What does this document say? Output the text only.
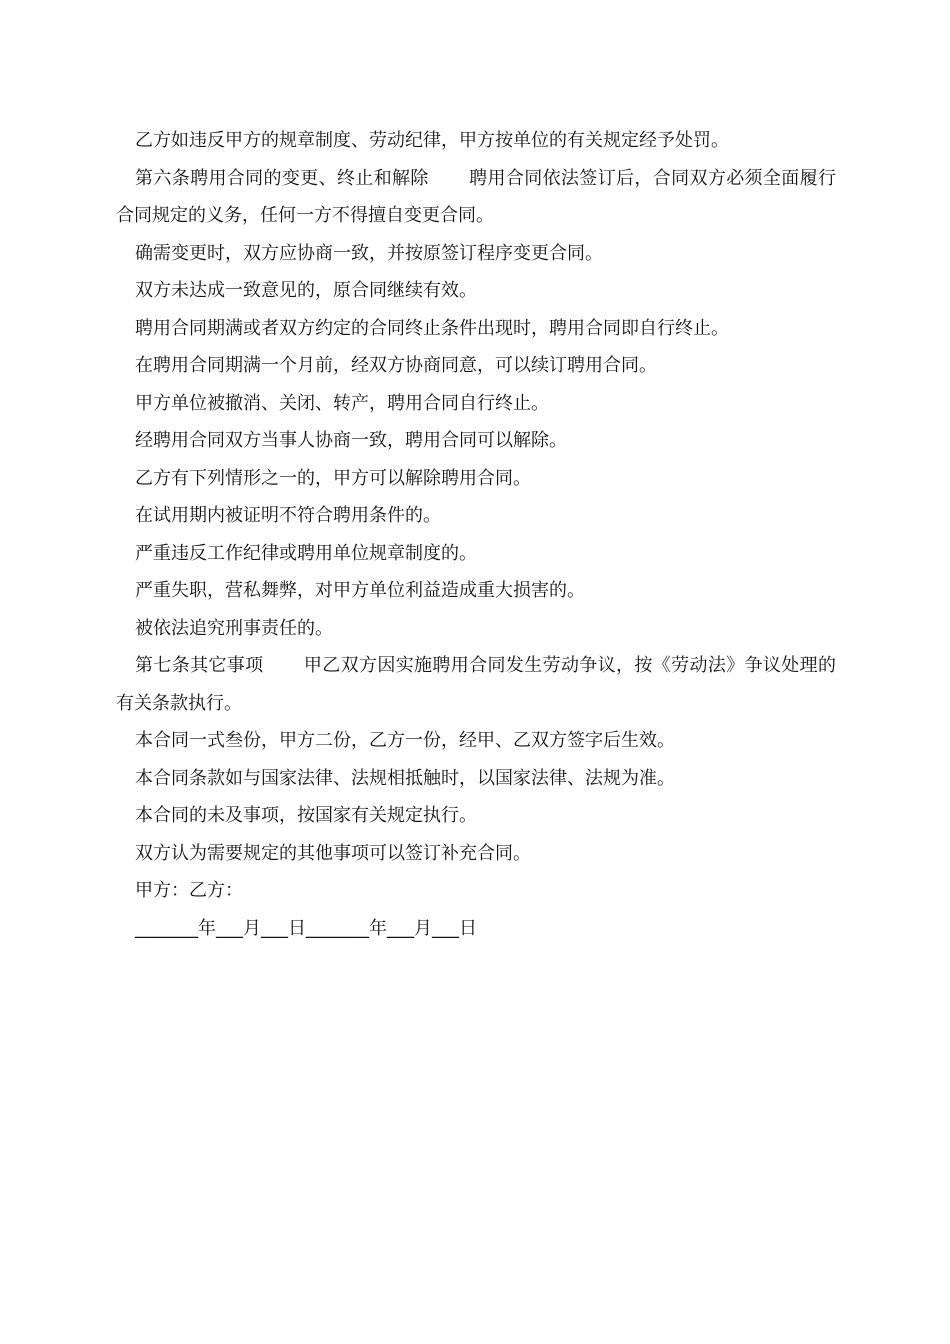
乙方如违反甲方的规章制度、劳动纪律，甲方按单位的有关规定经予处罚。

第六条聘用合同的变更、终止和解除 聘用合同依法签订后，合同双方必须全面履行合同规定的义务，任何一方不得擅自变更合同。

确需变更时，双方应协商一致，并按原签订程序变更合同。

双方未达成一致意见的，原合同继续有效。

聘用合同期满或者双方约定的合同终止条件出现时，聘用合同即自行终止。

在聘用合同期满一个月前，经双方协商同意，可以续订聘用合同。

甲方单位被撤消、关闭、转产，聘用合同自行终止。

经聘用合同双方当事人协商一致，聘用合同可以解除。

乙方有下列情形之一的，甲方可以解除聘用合同。

在试用期内被证明不符合聘用条件的。

严重违反工作纪律或聘用单位规章制度的。

严重失职，营私舞弊，对甲方单位利益造成重大损害的。

被依法追究刑事责任的。

第七条其它事项 甲乙双方因实施聘用合同发生劳动争议，按《劳动法》争议处理的有关条款执行。

本合同一式叁份，甲方二份，乙方一份，经甲、乙双方签字后生效。

本合同条款如与国家法律、法规相抵触时，以国家法律、法规为准。

本合同的未及事项，按国家有关规定执行。

双方认为需要规定的其他事项可以签订补充合同。

甲方：乙方：

_______年___月___日_______年___月___日
